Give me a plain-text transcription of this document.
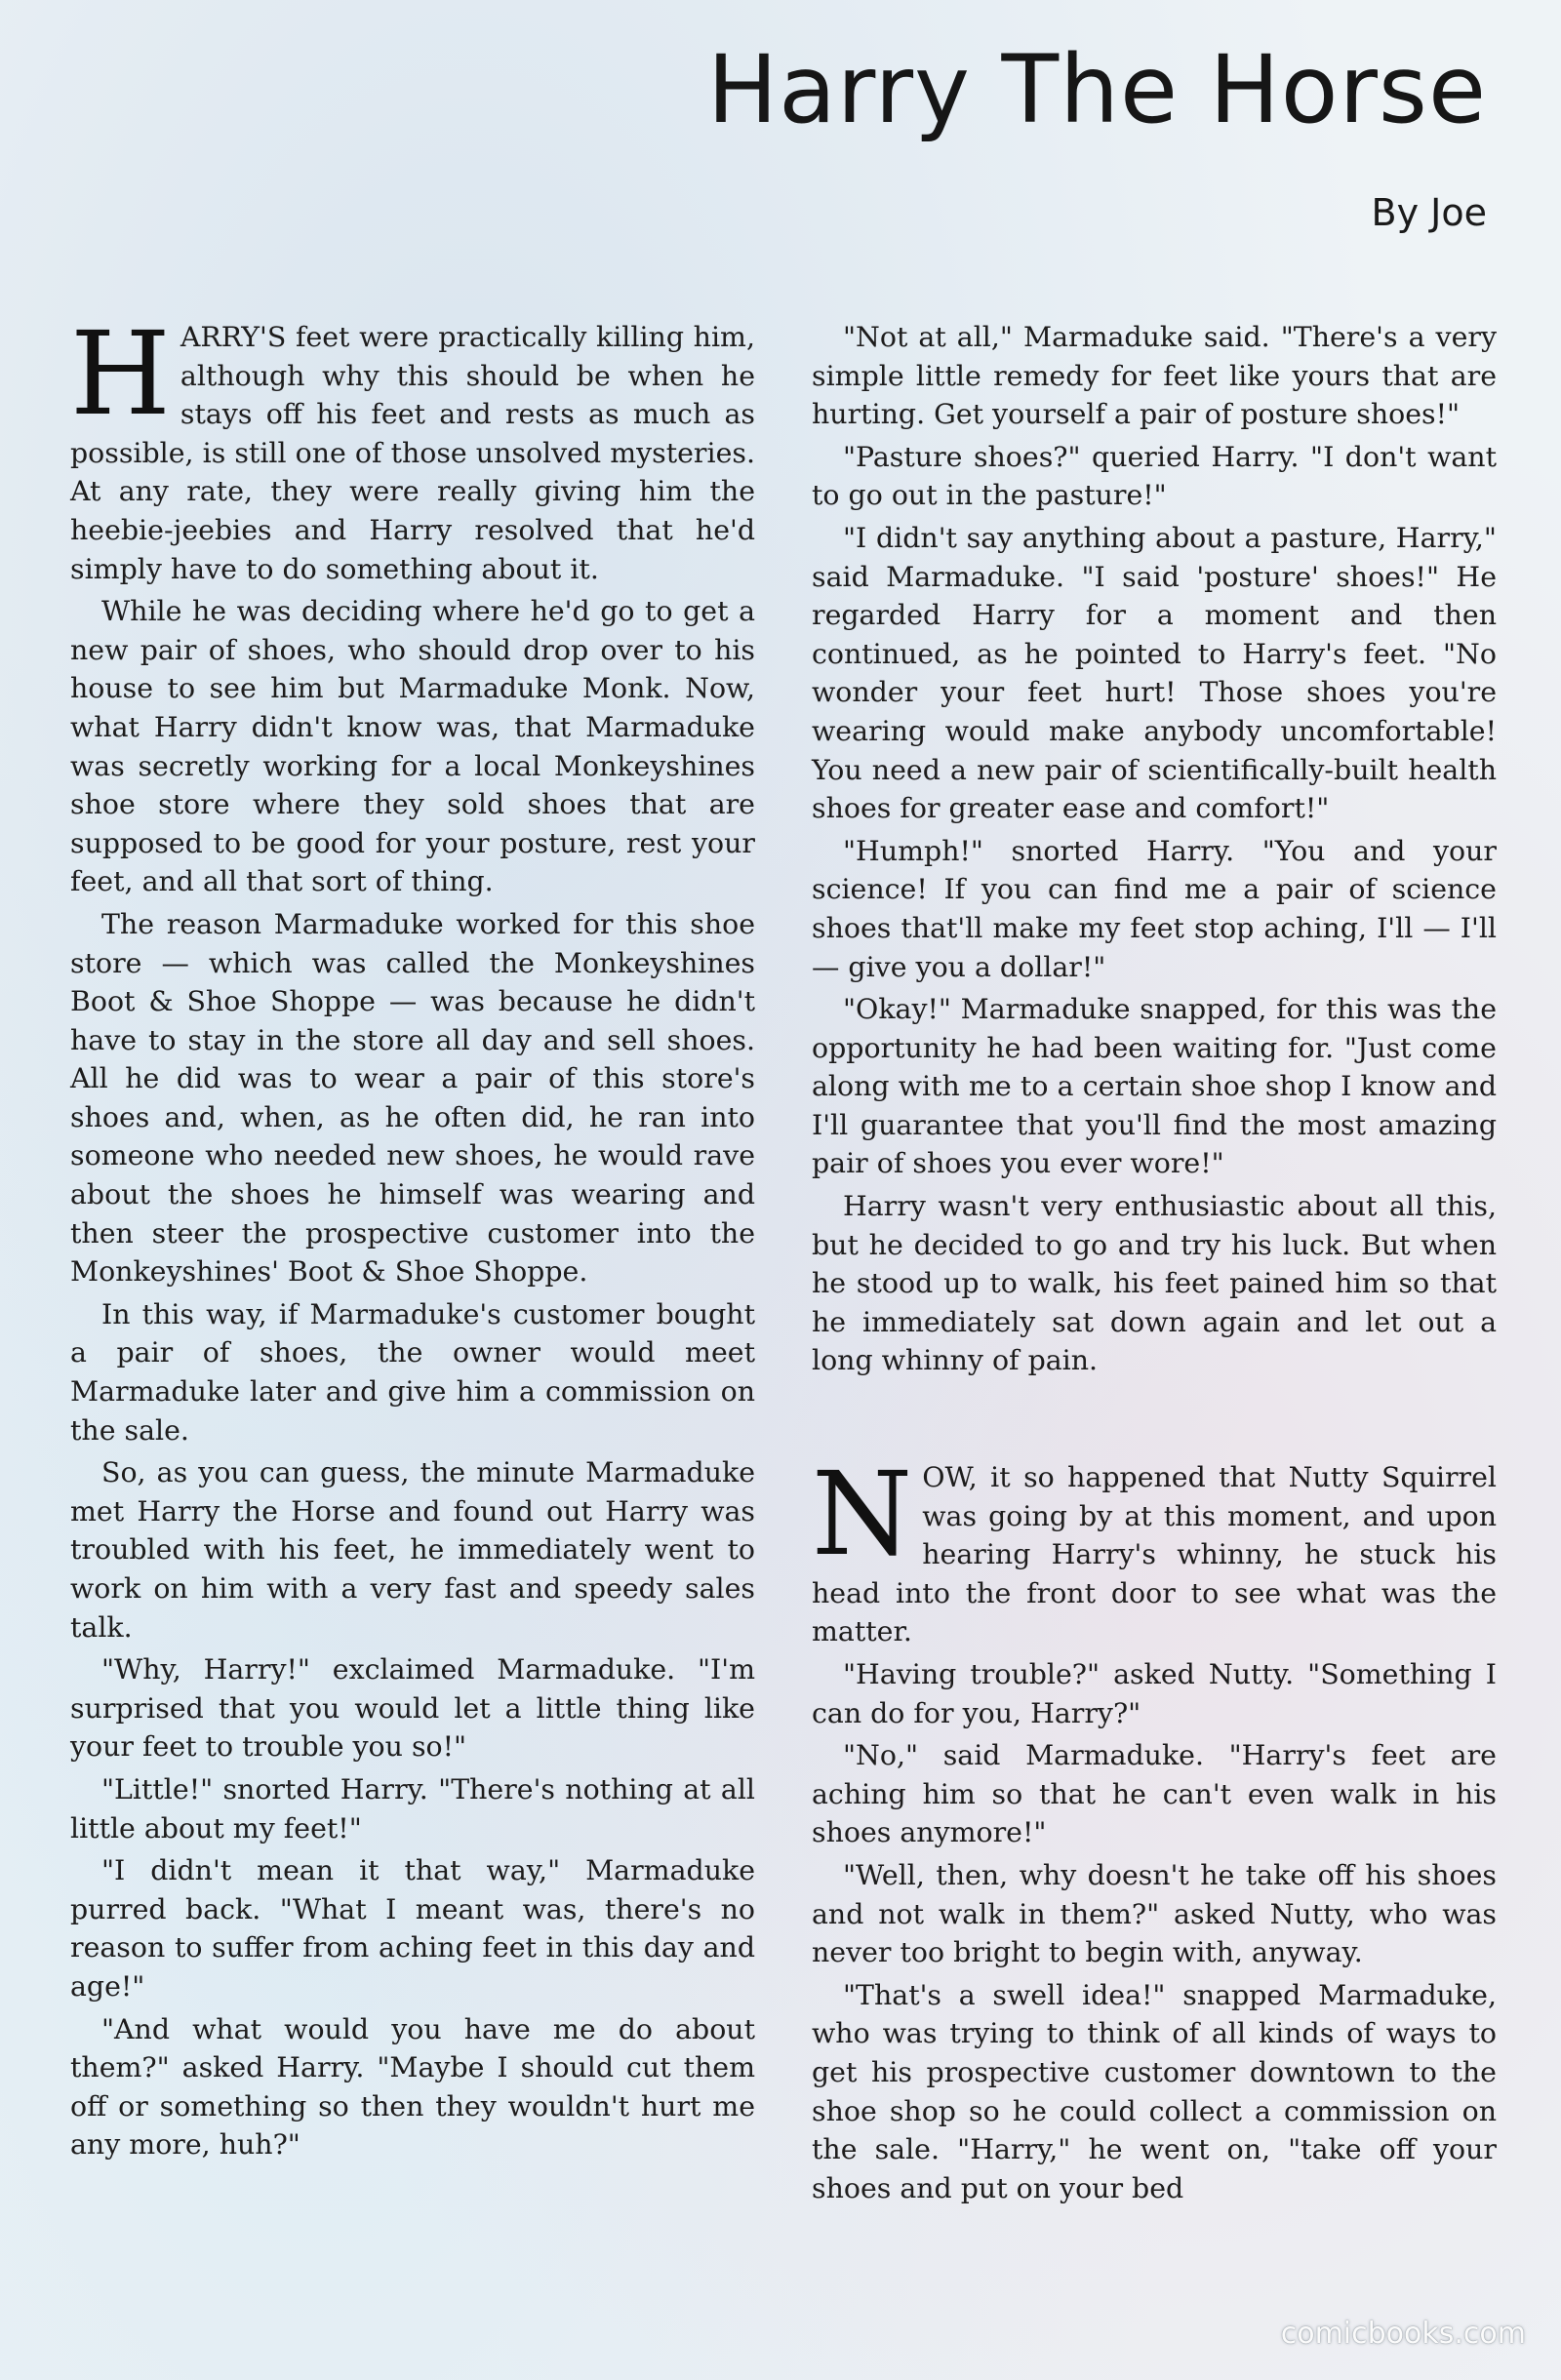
Harry The Horse
By Joe

HARRY'S feet were practically killing him, although why this should be when he stays off his feet and rests as much as possible, is still one of those unsolved mysteries. At any rate, they were really giving him the heebie-jeebies and Harry resolved that he'd simply have to do something about it.

While he was deciding where he'd go to get a new pair of shoes, who should drop over to his house to see him but Marmaduke Monk. Now, what Harry didn't know was, that Marmaduke was secretly working for a local Monkeyshines shoe store where they sold shoes that are supposed to be good for your posture, rest your feet, and all that sort of thing.

The reason Marmaduke worked for this shoe store — which was called the Monkeyshines Boot & Shoe Shoppe — was because he didn't have to stay in the store all day and sell shoes. All he did was to wear a pair of this store's shoes and, when, as he often did, he ran into someone who needed new shoes, he would rave about the shoes he himself was wearing and then steer the prospective customer into the Monkeyshines' Boot & Shoe Shoppe.

In this way, if Marmaduke's customer bought a pair of shoes, the owner would meet Marmaduke later and give him a commission on the sale.

So, as you can guess, the minute Marmaduke met Harry the Horse and found out Harry was troubled with his feet, he immediately went to work on him with a very fast and speedy sales talk.

"Why, Harry!" exclaimed Marmaduke. "I'm surprised that you would let a little thing like your feet to trouble you so!"

"Little!" snorted Harry. "There's nothing at all little about my feet!"

"I didn't mean it that way," Marmaduke purred back. "What I meant was, there's no reason to suffer from aching feet in this day and age!"

"And what would you have me do about them?" asked Harry. "Maybe I should cut them off or something so then they wouldn't hurt me any more, huh?"

"Not at all," Marmaduke said. "There's a very simple little remedy for feet like yours that are hurting. Get yourself a pair of posture shoes!"

"Pasture shoes?" queried Harry. "I don't want to go out in the pasture!"

"I didn't say anything about a pasture, Harry," said Marmaduke. "I said 'posture' shoes!" He regarded Harry for a moment and then continued, as he pointed to Harry's feet. "No wonder your feet hurt! Those shoes you're wearing would make anybody uncomfortable! You need a new pair of scientifically-built health shoes for greater ease and comfort!"

"Humph!" snorted Harry. "You and your science! If you can find me a pair of science shoes that'll make my feet stop aching, I'll — I'll — give you a dollar!"

"Okay!" Marmaduke snapped, for this was the opportunity he had been waiting for. "Just come along with me to a certain shoe shop I know and I'll guarantee that you'll find the most amazing pair of shoes you ever wore!"

Harry wasn't very enthusiastic about all this, but he decided to go and try his luck. But when he stood up to walk, his feet pained him so that he immediately sat down again and let out a long whinny of pain.

NOW, it so happened that Nutty Squirrel was going by at this moment, and upon hearing Harry's whinny, he stuck his head into the front door to see what was the matter.

"Having trouble?" asked Nutty. "Something I can do for you, Harry?"

"No," said Marmaduke. "Harry's feet are aching him so that he can't even walk in his shoes anymore!"

"Well, then, why doesn't he take off his shoes and not walk in them?" asked Nutty, who was never too bright to begin with, anyway.

"That's a swell idea!" snapped Marmaduke, who was trying to think of all kinds of ways to get his prospective customer downtown to the shoe shop so he could collect a commission on the sale. "Harry," he went on, "take off your shoes and put on your bed

comicbooks.com
